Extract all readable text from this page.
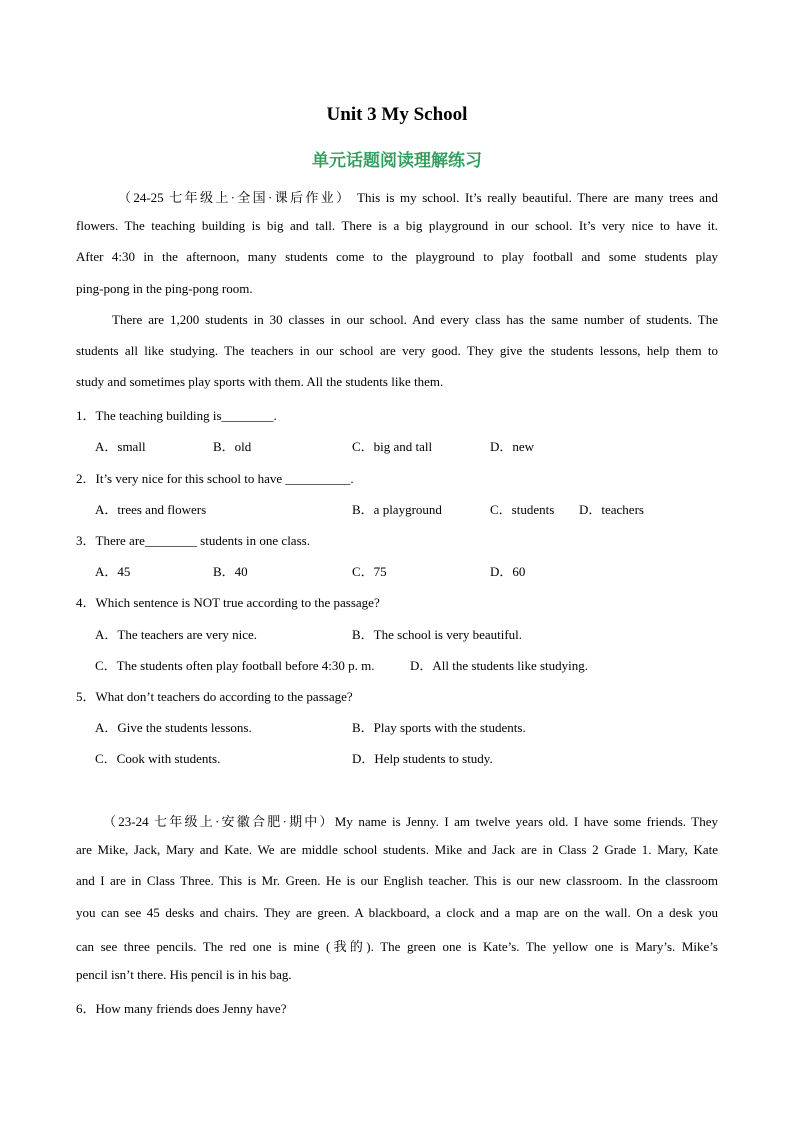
Unit 3 My School
单元话题阅读理解练习
（24-25 七年级上·全国·课后作业） This is my school. It’s really beautiful. There are many trees and
flowers. The teaching building is big and tall. There is a big playground in our school. It’s very nice to have it.
After 4:30 in the afternoon, many students come to the playground to play football and some students play
ping-pong in the ping-pong room.
There are 1,200 students in 30 classes in our school. And every class has the same number of students. The
students all like studying. The teachers in our school are very good. They give the students lessons, help them to
study and sometimes play sports with them. All the students like them.
1．The teaching building is________.
A．small	B．old	C．big and tall	D．new
2．It’s very nice for this school to have __________.
A．trees and flowers	B．a playground	C．students D．teachers
3．There are________ students in one class.
A．45	B．40	C．75	D．60
4．Which sentence is NOT true according to the passage?
A．The teachers are very nice.	B．The school is very beautiful.
C．The students often play football before 4:30 p. m.	D．All the students like studying.
5．What don’t teachers do according to the passage?
A．Give the students lessons.	B．Play sports with the students.
C．Cook with students.	D．Help students to study.
（23-24 七年级上·安徽合肥·期中）My name is Jenny. I am twelve years old. I have some friends. They
are Mike, Jack, Mary and Kate. We are middle school students. Mike and Jack are in Class 2 Grade 1. Mary, Kate
and I are in Class Three. This is Mr. Green. He is our English teacher. This is our new classroom. In the classroom
you can see 45 desks and chairs. They are green. A blackboard, a clock and a map are on the wall. On a desk you
can see three pencils. The red one is mine (我的). The green one is Kate’s. The yellow one is Mary’s. Mike’s
pencil isn’t there. His pencil is in his bag.
6．How many friends does Jenny have?
